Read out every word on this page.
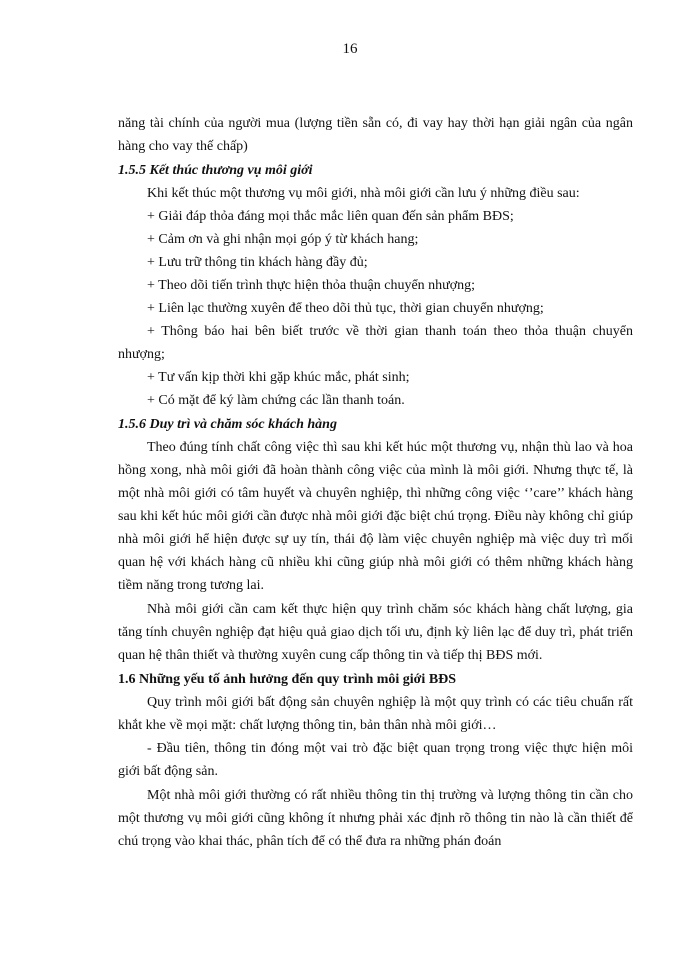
16

năng tài chính của người mua (lượng tiền sẵn có, đi vay hay thời hạn giải ngân của ngân hàng cho vay thế chấp)

1.5.5 Kết thúc thương vụ môi giới

Khi kết thúc một thương vụ môi giới, nhà môi giới cần lưu ý những điều sau:

+ Giải đáp thỏa đáng mọi thắc mắc liên quan đến sản phẩm BĐS;

+ Cảm ơn và ghi nhận mọi góp ý từ khách hang;

+ Lưu trữ thông tin khách hàng đầy đủ;

+ Theo dõi tiến trình thực hiện thỏa thuận chuyển nhượng;

+ Liên lạc thường xuyên để theo dõi thủ tục, thời gian chuyển nhượng;

+ Thông báo hai bên biết trước về thời gian thanh toán theo thỏa thuận chuyển nhượng;

+ Tư vấn kịp thời khi gặp khúc mắc, phát sinh;

+ Có mặt để ký làm chứng các lần thanh toán.

1.5.6 Duy trì và chăm sóc khách hàng

Theo đúng tính chất công việc thì sau khi kết húc một thương vụ, nhận thù lao và hoa hồng xong, nhà môi giới đã hoàn thành công việc của mình là môi giới. Nhưng thực tế, là một nhà môi giới có tâm huyết và chuyên nghiệp, thì những công việc ‘’care’’ khách hàng sau khi kết húc môi giới cần được nhà môi giới đặc biệt chú trọng. Điều này không chỉ giúp nhà môi giới hể hiện được sự uy tín, thái độ làm việc chuyên nghiệp mà việc duy trì mối quan hệ với khách hàng cũ nhiều khi cũng giúp nhà môi giới có thêm những khách hàng tiềm năng trong tương lai.

Nhà môi giới cần cam kết thực hiện quy trình chăm sóc khách hàng chất lượng, gia tăng tính chuyên nghiệp đạt hiệu quả giao dịch tối ưu, định kỳ liên lạc để duy trì, phát triển quan hệ thân thiết và thường xuyên cung cấp thông tin và tiếp thị BĐS mới.

1.6 Những yếu tố ảnh hưởng đến quy trình môi giới BĐS

Quy trình môi giới bất động sản chuyên nghiệp là một quy trình có các tiêu chuẩn rất khắt khe về mọi mặt: chất lượng thông tin, bản thân nhà môi giới…

- Đầu tiên, thông tin đóng một vai trò đặc biệt quan trọng trong việc thực hiện môi giới bất động sản.

Một nhà môi giới thường có rất nhiều thông tin thị trường và lượng thông tin cần cho một thương vụ môi giới cũng không ít nhưng phải xác định rõ thông tin nào là cần thiết để chú trọng vào khai thác, phân tích để có thể đưa ra những phán đoán
